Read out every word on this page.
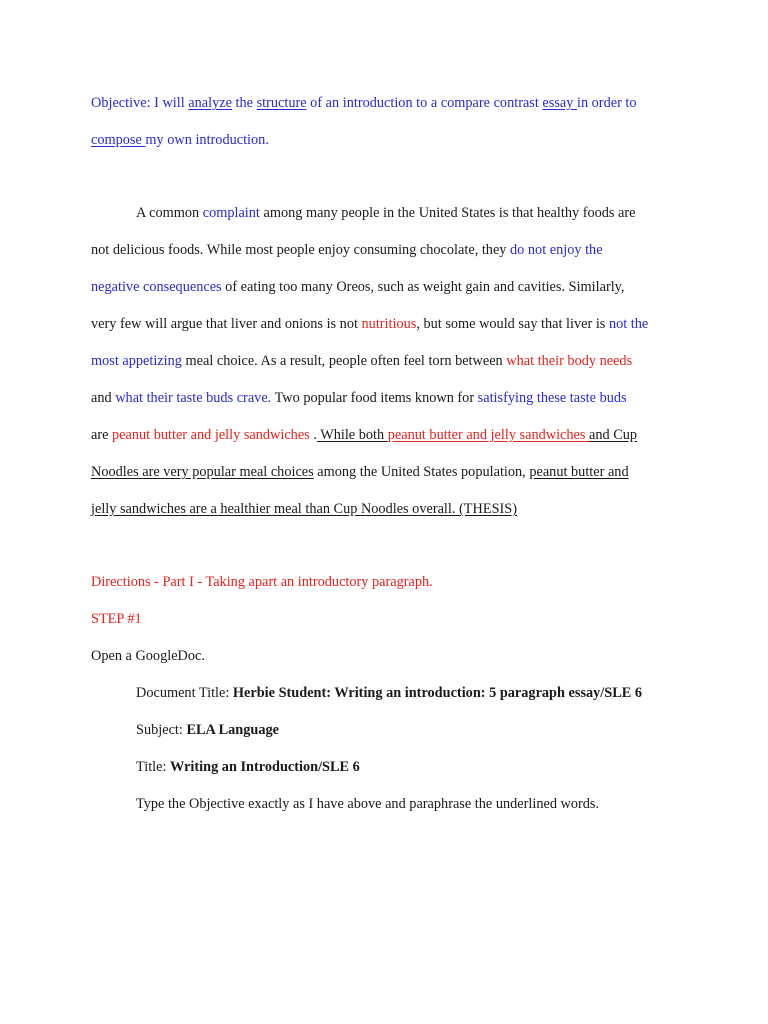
Objective: I will analyze the structure of an introduction to a compare contrast essay in order to
compose my own introduction.
A common complaint among many people in the United States is that healthy foods are
not delicious foods. While most people enjoy consuming chocolate, they do not enjoy the
negative consequences of eating too many Oreos, such as weight gain and cavities. Similarly,
very few will argue that liver and onions is not nutritious, but some would say that liver is not the
most appetizing meal choice. As a result, people often feel torn between what their body needs
and what their taste buds crave. Two popular food items known for satisfying these taste buds
are peanut butter and jelly sandwiches . While both peanut butter and jelly sandwiches and Cup
Noodles are very popular meal choices among the United States population, peanut butter and
jelly sandwiches are a healthier meal than Cup Noodles overall. (THESIS)
Directions - Part I - Taking apart an introductory paragraph.
STEP #1
Open a GoogleDoc.
Document Title: Herbie Student: Writing an introduction: 5 paragraph essay/SLE 6
Subject: ELA Language
Title: Writing an Introduction/SLE 6
Type the Objective exactly as I have above and paraphrase the underlined words.
